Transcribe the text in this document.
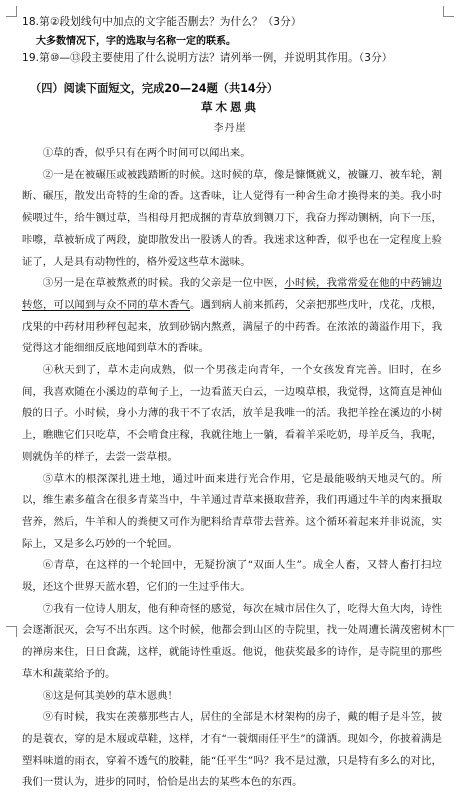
18.第②段划线句中加点的文字能否删去？为什么？（3分）
大多数情况下，字的选取与名称一定的联系。
19.第⑩—⑬段主要使用了什么说明方法？请列举一例，并说明其作用。（3分）
（四）阅读下面短文，完成20—24题（共14分）
草木恩典
李丹崖

①草的香，似乎只有在两个时间可以闻出来。

②一是在被碾压或被践踏断的时候。这时候的草，像是慷慨就义，被镰刀、被车轮，割断、碾压，散发出奇特的生命的香。这香味，让人觉得有一种舍生命才换得来的美。我小时候喂过牛，给牛铡过草，当相母月把成捆的青草放到铡刀下，我奋力挥动铡柄，向下一压，咔嚓，草被斩成了两段，旋即散发出一股诱人的香。我迷求这种香，似乎也在一定程度上验证了，人是具有动物性的，格外爱这些草木滋味。

③另一是在草被熬煮的时候。我的父亲是一位中医，小时候，我常常爱在他的中药铺边转悠，可以闻到与众不同的草木香气。遇到病人前来抓药，父亲把那些戊叶，戊花，戊根，戊果的中药材用秒秤包起来，放到砂锅内熬煮，满屋子的中药香。在浓浓的蔼溢作用下，我觉得这才能细细反底地闻到草木的香味。

④秋天到了，草木走向成熟，似一个男孩走向青年，一个女孩发育完善。旧时，在乡间，我喜欢随在小溪边的草甸子上，一边看蓝天白云，一边嗅草根，我觉得，这简直是神仙般的日子。小时候，身小力薄的我干不了农活，放羊是我唯一的活。我把羊拴在溪边的小树上，瞧瞧它们只吃草，不会啃食庄稼，我就往地上一躺，看着羊采吃奶，母羊反刍，我呢，则就伪羊的样子，去尝一尝草根。

⑤草木的根深深扎进土地，通过叶面来进行光合作用，它是最能吸纳天地灵气的。所以，维生素多蕴含在很多青菜当中，牛羊通过青草来摄取营养，我们再通过牛羊的肉来摄取营养，然后，牛羊和人的粪便又可作为肥料给青草带去营养。这个循环着起来并非说流，实际上，又是多么巧妙的一个轮回。

⑥青草，在这样的一个轮回中，无疑扮演了“双面人生”。成全人畜，又替人畜打扫垃圾，还这个世界天蓝水碧，它们的一生过乎伟大。

⑦我有一位诗人朋友，他有种奇怪的感觉，每次在城市居住久了，吃得大鱼大肉，诗性会逐渐泯灭，会写不出东西。这个时候，他都会到山区的寺院里，找一处周遭长满茂密树木的禅房来住，日日食蔬，这样，就能诗性重返。他说，他获奖最多的诗作，是寺院里的那些草木和蔬菜给予的。

⑧这是何其美妙的草木恩典！

⑨有时候，我实在羡慕那些古人，居住的全部是木材架构的房子，戴的帽子是斗笠，披的是蓑衣，穿的是木屐或草鞋，这样，才有“一蓑烟雨任平生”的潇洒。现如今，你披着满是塑料味道的雨衣，穿着不透气的胶鞋，能“任平生”吗？我不是过激，只是特有多么的对比，我们一贯认为，进步的同时，恰恰是出去的某些本色的东西。
